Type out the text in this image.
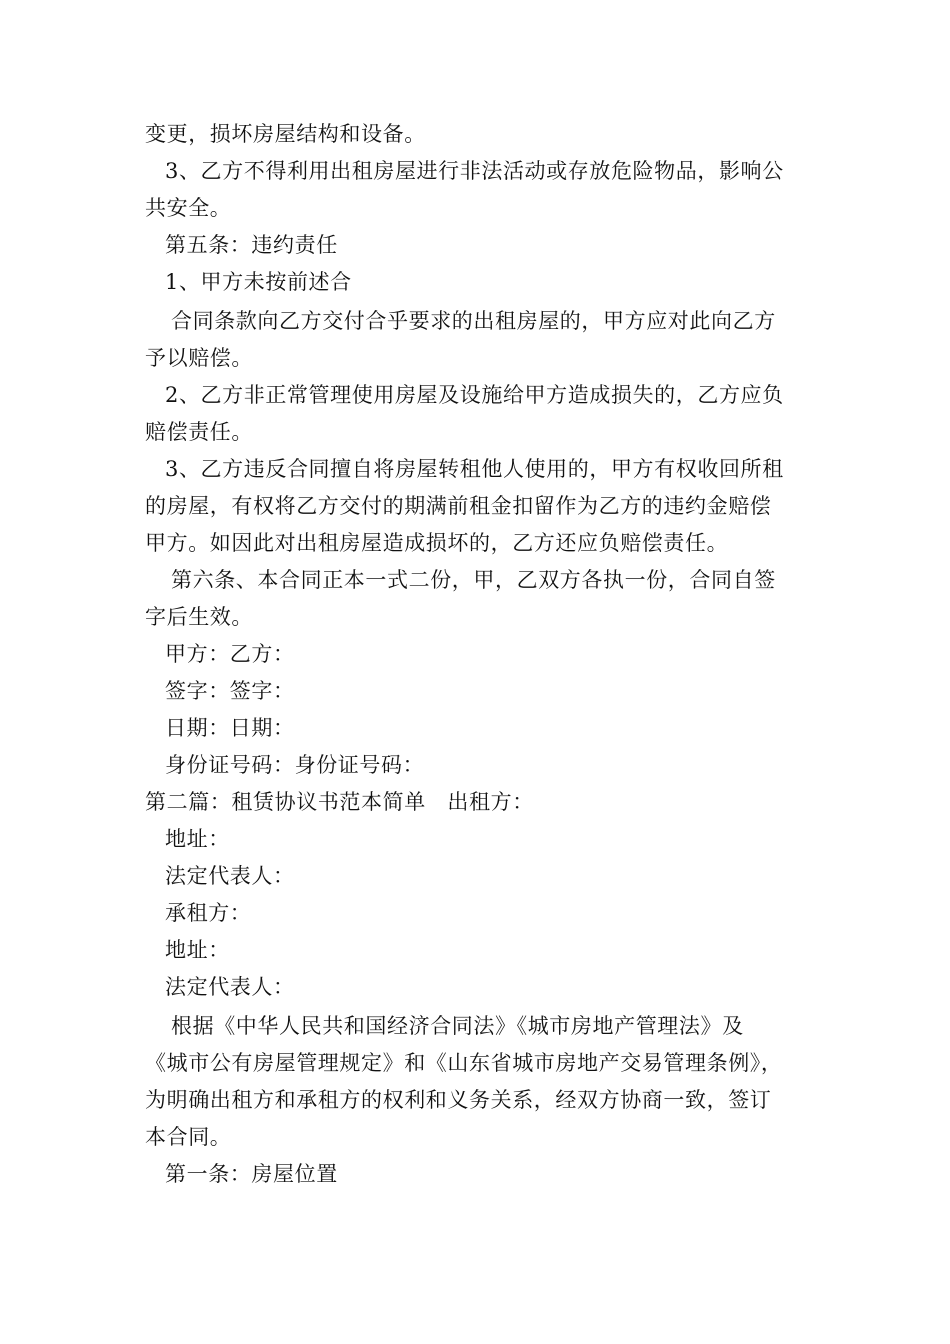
变更，损坏房屋结构和设备。
3、乙方不得利用出租房屋进行非法活动或存放危险物品，影响公
共安全。
第五条：违约责任
1、甲方未按前述合
合同条款向乙方交付合乎要求的出租房屋的，甲方应对此向乙方
予以赔偿。
2、乙方非正常管理使用房屋及设施给甲方造成损失的，乙方应负
赔偿责任。
3、乙方违反合同擅自将房屋转租他人使用的，甲方有权收回所租
的房屋，有权将乙方交付的期满前租金扣留作为乙方的违约金赔偿
甲方。如因此对出租房屋造成损坏的，乙方还应负赔偿责任。
第六条、本合同正本一式二份，甲，乙双方各执一份，合同自签
字后生效。
甲方：乙方：
签字：签字：
日期：日期：
身份证号码：身份证号码：
第二篇：租赁协议书范本简单　出租方：
地址：
法定代表人：
承租方：
地址：
法定代表人：
根据《中华人民共和国经济合同法》《城市房地产管理法》及
《城市公有房屋管理规定》和《山东省城市房地产交易管理条例》，
为明确出租方和承租方的权利和义务关系，经双方协商一致，签订
本合同。
第一条：房屋位置
